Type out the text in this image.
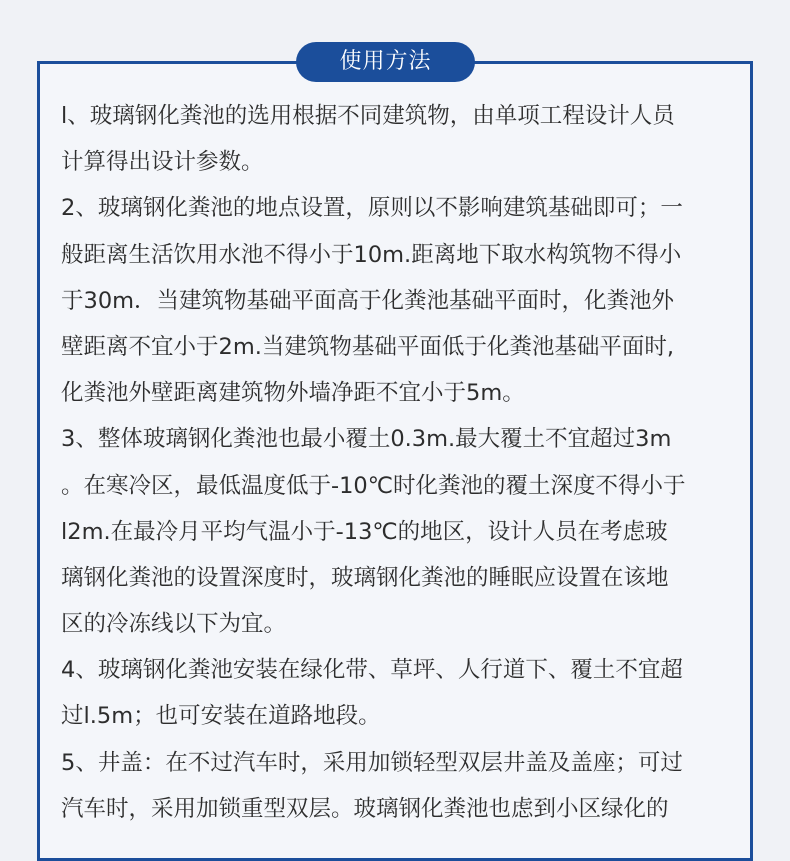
使用方法
l、玻璃钢化粪池的选用根据不同建筑物，由单项工程设计人员
计算得出设计参数。
2、玻璃钢化粪池的地点设置，原则以不影响建筑基础即可；一
般距离生活饮用水池不得小于10m.距离地下取水构筑物不得小
于30m．当建筑物基础平面高于化粪池基础平面时，化粪池外
壁距离不宜小于2m.当建筑物基础平面低于化粪池基础平面时,
化粪池外壁距离建筑物外墙净距不宜小于5m。
3、整体玻璃钢化粪池也最小覆土0.3m.最大覆土不宜超过3m
。在寒冷区，最低温度低于-10℃时化粪池的覆土深度不得小于
l2m.在最冷月平均气温小于-13℃的地区，设计人员在考虑玻
璃钢化粪池的设置深度时，玻璃钢化粪池的睡眠应设置在该地
区的冷冻线以下为宜。
4、玻璃钢化粪池安装在绿化带、草坪、人行道下、覆土不宜超
过l.5m；也可安装在道路地段。
5、井盖：在不过汽车时，采用加锁轻型双层井盖及盖座；可过
汽车时，采用加锁重型双层。玻璃钢化粪池也虑到小区绿化的
